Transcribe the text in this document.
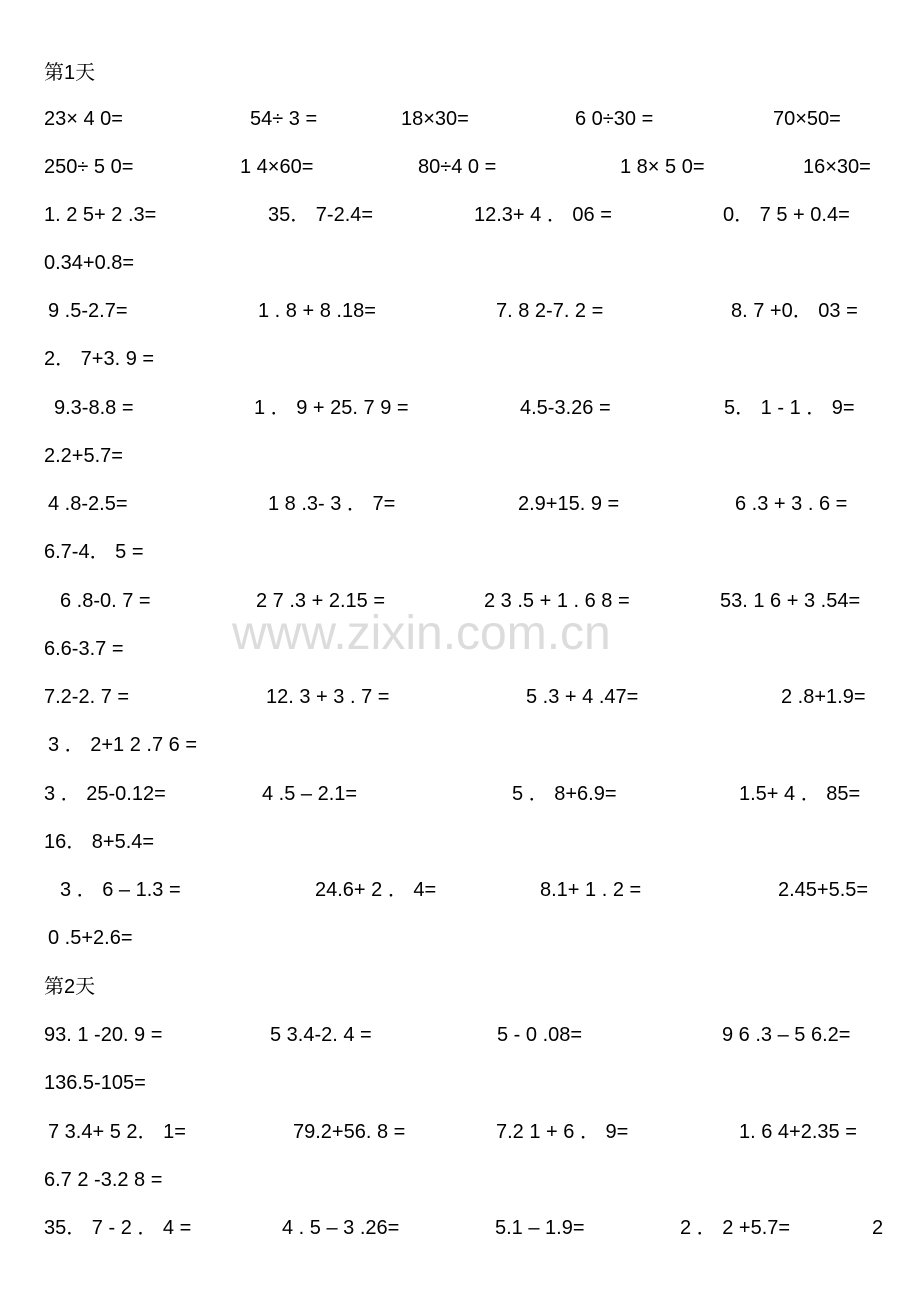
第1天
23× 4 0=	54÷ 3 =	18×30=	6 0÷30 =	70×50=
250÷ 5 0=	1 4×60=	80÷4 0 =	1 8× 5 0=	16×30=
1. 2 5+ 2 .3=	35． 7-2.4=	12.3+ 4 ． 06 =	0． 7 5 + 0.4=
0.34+0.8=
9 .5-2.7=	1 . 8 + 8 .18=	7. 8 2-7. 2 =	8. 7 +0． 03 =
2． 7+3. 9 =
9.3-8.8 =	1 ． 9 + 25. 7 9 =	4.5-3.26 =	5． 1 - 1 ． 9=
2.2+5.7=
4 .8-2.5=	1 8 .3- 3 ． 7=	2.9+15. 9 =	6 .3 + 3 . 6 =
6.7-4． 5 =
6 .8-0. 7 =	2 7 .3 + 2.15 =	2 3 .5 + 1 . 6 8 =	53. 1 6 + 3 .54=
6.6-3.7 =
7.2-2. 7 =	12. 3 + 3 . 7 =	5 .3 + 4 .47=	2 .8+1.9=
3 ． 2+1 2 .7 6 =
3 ． 25-0.12=	4 .5 – 2.1=	5 ． 8+6.9=	1.5+ 4 ． 85=
16． 8+5.4=
3 ． 6 – 1.3 =	24.6+ 2 ． 4=	8.1+ 1 . 2 =	2.45+5.5=
0 .5+2.6=
第2天
93. 1 -20. 9 =	5 3.4-2. 4 =	5 - 0 .08=	9 6 .3 – 5 6.2=
136.5-105=
7 3.4+ 5 2． 1=	79.2+56. 8 =	7.2 1 + 6 ． 9=	1. 6 4+2.35 =
6.7 2 -3.2 8 =
35． 7 - 2 ． 4 =	4 . 5 – 3 .26=	5.1 – 1.9=	2 ． 2 +5.7=	2
www.zixin.com.cn
